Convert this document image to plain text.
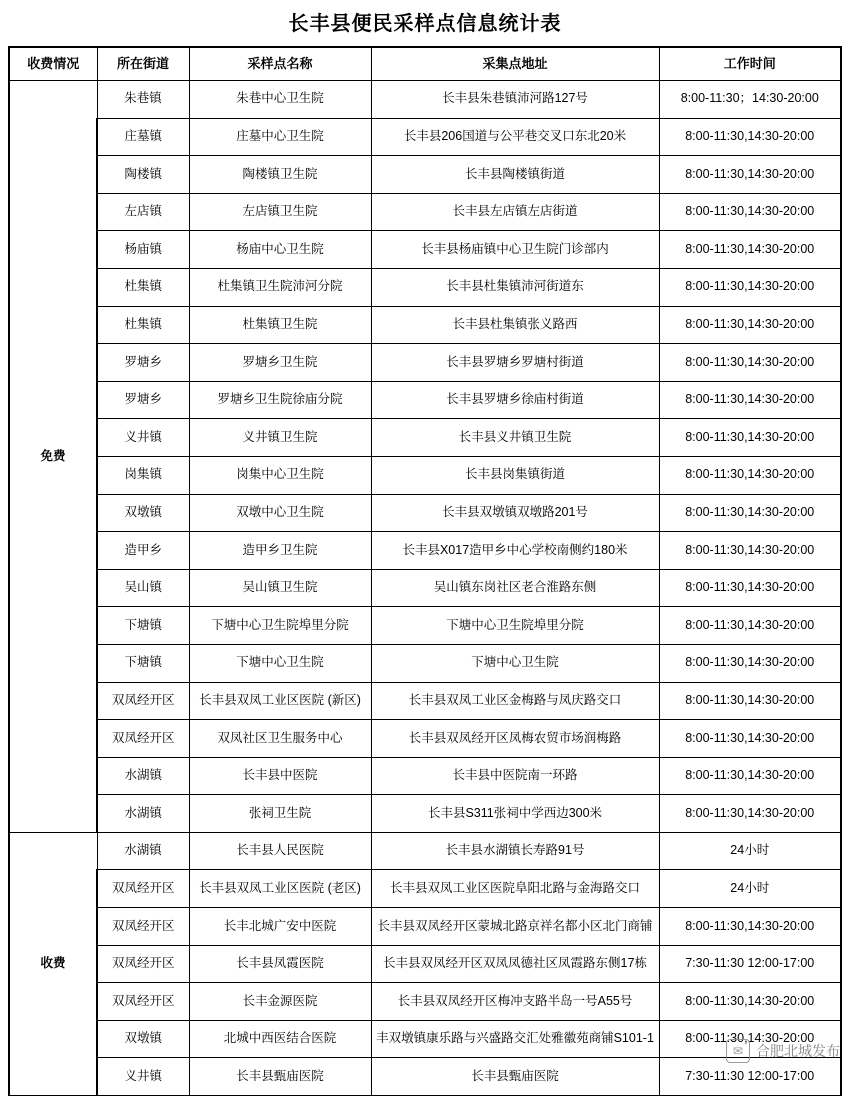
长丰县便民采样点信息统计表
收费情况	所在街道	采样点名称	采集点地址	工作时间
免费	朱巷镇	朱巷中心卫生院	长丰县朱巷镇沛河路127号	8:00-11:30；14:30-20:00
	庄墓镇	庄墓中心卫生院	长丰县206国道与公平巷交叉口东北20米	8:00-11:30,14:30-20:00
	陶楼镇	陶楼镇卫生院	长丰县陶楼镇街道	8:00-11:30,14:30-20:00
	左店镇	左店镇卫生院	长丰县左店镇左店街道	8:00-11:30,14:30-20:00
	杨庙镇	杨庙中心卫生院	长丰县杨庙镇中心卫生院门诊部内	8:00-11:30,14:30-20:00
	杜集镇	杜集镇卫生院沛河分院	长丰县杜集镇沛河街道东	8:00-11:30,14:30-20:00
	杜集镇	杜集镇卫生院	长丰县杜集镇张义路西	8:00-11:30,14:30-20:00
	罗塘乡	罗塘乡卫生院	长丰县罗塘乡罗塘村街道	8:00-11:30,14:30-20:00
	罗塘乡	罗塘乡卫生院徐庙分院	长丰县罗塘乡徐庙村街道	8:00-11:30,14:30-20:00
	义井镇	义井镇卫生院	长丰县义井镇卫生院	8:00-11:30,14:30-20:00
	岗集镇	岗集中心卫生院	长丰县岗集镇街道	8:00-11:30,14:30-20:00
	双墩镇	双墩中心卫生院	长丰县双墩镇双墩路201号	8:00-11:30,14:30-20:00
	造甲乡	造甲乡卫生院	长丰县X017造甲乡中心学校南侧约180米	8:00-11:30,14:30-20:00
	吴山镇	吴山镇卫生院	吴山镇东岗社区老合淮路东侧	8:00-11:30,14:30-20:00
	下塘镇	下塘中心卫生院埠里分院	下塘中心卫生院埠里分院	8:00-11:30,14:30-20:00
	下塘镇	下塘中心卫生院	下塘中心卫生院	8:00-11:30,14:30-20:00
	双凤经开区	长丰县双凤工业区医院 (新区)	长丰县双凤工业区金梅路与凤庆路交口	8:00-11:30,14:30-20:00
	双凤经开区	双凤社区卫生服务中心	长丰县双凤经开区凤梅农贸市场润梅路	8:00-11:30,14:30-20:00
	水湖镇	长丰县中医院	长丰县中医院南一环路	8:00-11:30,14:30-20:00
	水湖镇	张祠卫生院	长丰县S311张祠中学西边300米	8:00-11:30,14:30-20:00
收费	水湖镇	长丰县人民医院	长丰县水湖镇长寿路91号	24小时
	双凤经开区	长丰县双凤工业区医院 (老区)	长丰县双凤工业区医院阜阳北路与金海路交口	24小时
	双凤经开区	长丰北城广安中医院	长丰县双凤经开区蒙城北路京祥名都小区北门商铺	8:00-11:30,14:30-20:00
	双凤经开区	长丰县凤霞医院	长丰县双凤经开区双凤凤德社区凤霞路东侧17栋	7:30-11:30 12:00-17:00
	双凤经开区	长丰金源医院	长丰县双凤经开区梅冲支路半岛一号A55号	8:00-11:30,14:30-20:00
	双墩镇	北城中西医结合医院	丰双墩镇康乐路与兴盛路交汇处雅徽苑商铺S101-1	8:00-11:30,14:30-20:00
	义井镇	长丰县甄庙医院	长丰县甄庙医院	7:30-11:30 12:00-17:00
✉ 合肥北城发布
